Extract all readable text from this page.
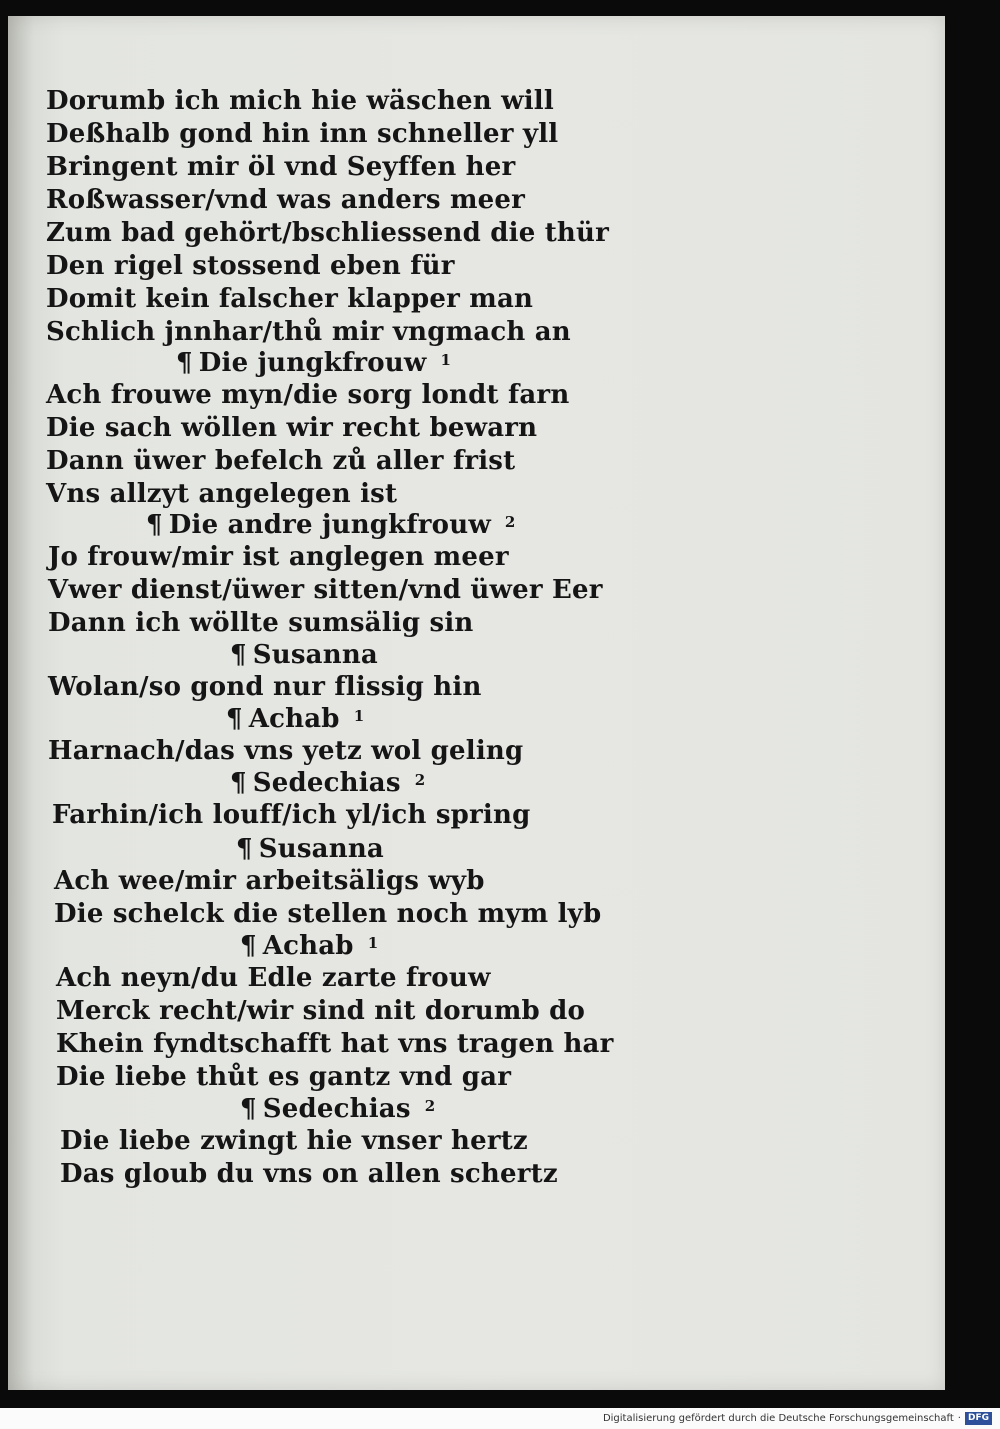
Dorumb ich mich hie wäschen will
Deßhalb gond hin inn schneller yll
Bringent mir öl vnd Seyffen her
Roßwasser/vnd was anders meer
Zum bad gehört/bschliessend die thür
Den rigel stossend eben für
Domit kein falscher klapper man
Schlich jnnhar/thů mir vngmach an
¶ Die jungkfrouw $^1$
Ach frouwe myn/die sorg londt farn
Die sach wöllen wir recht bewarn
Dann üwer befelch zů aller frist
Vns allzyt angelegen ist
¶ Die andre jungkfrouw $^2$
Jo frouw/mir ist anglegen meer
Vwer dienst/üwer sitten/vnd üwer Eer
Dann ich wöllte sumsälig sin
¶ Susanna
Wolan/so gond nur flissig hin
¶ Achab $^1$
Harnach/das vns yetz wol geling
¶ Sedechias $^2$
Farhin/ich louff/ich yl/ich spring
¶ Susanna
Ach wee/mir arbeitsäligs wyb
Die schelck die stellen noch mym lyb
¶ Achab $^1$
Ach neyn/du Edle zarte frouw
Merck recht/wir sind nit dorumb do
Khein fyndtschafft hat vns tragen har
Die liebe thůt es gantz vnd gar
¶ Sedechias $^2$
Die liebe zwingt hie vnser hertz
Das gloub du vns on allen schertz
Digitalisierung gefördert durch die Deutsche Forschungsgemeinschaft · DFG
